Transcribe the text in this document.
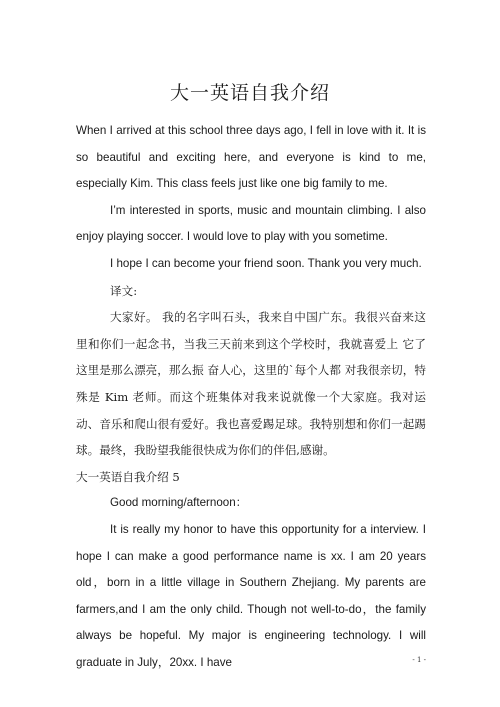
大一英语自我介绍

When I arrived at this school three days ago, I fell in love with it. It is so beautiful and exciting here, and everyone is kind to me, especially Kim. This class feels just like one big family to me.

I’m interested in sports, music and mountain climbing. I also enjoy playing soccer. I would love to play with you sometime.

I hope I can become your friend soon. Thank you very much.

译文:

大家好。 我的名字叫石头，我来自中国广东。我很兴奋来这里和你们一起念书，当我三天前来到这个学校时，我就喜爱上 它了这里是那么漂亮，那么振 奋人心，这里的`每个人都 对我很亲切，特殊是 Kim 老师。而这个班集体对我来说就像一个大家庭。我对运动、音乐和爬山很有爱好。我也喜爱踢足球。我特别想和你们一起踢球。最终，我盼望我能很快成为你们的伴侣,感谢。

大一英语自我介绍 5

Good morning/afternoon：

It is really my honor to have this opportunity for a interview. I hope I can make a good performance name is xx. I am 20 years old，born in a little village in Southern Zhejiang. My parents are farmers,and I am the only child. Though not well-to-do，the family always be hopeful. My major is engineering technology. I will graduate in July，20xx. I have	- 1 -
